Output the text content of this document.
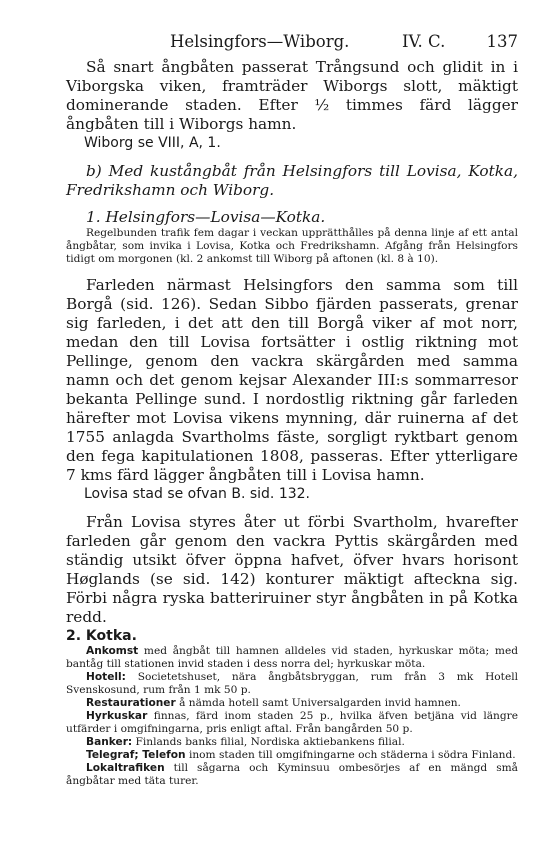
Helsingfors—Wiborg.	IV. C. 137

Så snart ångbåten passerat Trångsund och glidit in i Viborgska viken, framträder Wiborgs slott, mäktigt dominerande staden. Efter ½ timmes färd lägger ångbåten till i Wiborgs hamn.

Wiborg se VIII, A, 1.

b) Med kustångbåt från Helsingfors till Lovisa, Kotka, Fredrikshamn och Wiborg.

1. Helsingfors—Lovisa—Kotka.

Regelbunden trafik fem dagar i veckan upprätthålles på denna linje af ett antal ångbåtar, som invika i Lovisa, Kotka och Fredrikshamn. Afgång från Helsingfors tidigt om morgonen (kl. 2 ankomst till Wiborg på aftonen (kl. 8 à 10).

Farleden närmast Helsingfors den samma som till Borgå (sid. 126). Sedan Sibbo fjärden passerats, grenar sig farleden, i det att den till Borgå viker af mot norr, medan den till Lovisa fortsätter i ostlig riktning mot Pellinge, genom den vackra skärgården med samma namn och det genom kejsar Alexander III:s sommarresor bekanta Pellinge sund. I nordostlig riktning går farleden härefter mot Lovisa vikens mynning, där ruinerna af det 1755 anlagda Svartholms fäste, sorgligt ryktbart genom den fega kapitulationen 1808, passeras. Efter ytterligare 7 kms färd lägger ångbåten till i Lovisa hamn.

Lovisa stad se ofvan B. sid. 132.

Från Lovisa styres åter ut förbi Svartholm, hvarefter farleden går genom den vackra Pyttis skärgården med ständig utsikt öfver öppna hafvet, öfver hvars horisont Høglands (se sid. 142) konturer mäktigt afteckna sig. Förbi några ryska batteriruiner styr ångbåten in på Kotka redd.

2. Kotka.

Ankomst med ångbåt till hamnen alldeles vid staden, hyrkuskar möta; med bantåg till stationen invid staden i dess norra del; hyrkuskar möta.

Hotell: Societetshuset, nära ångbåtsbryggan, rum från 3 mk Hotell Svenskosund, rum från 1 mk 50 p.

Restaurationer å nämda hotell samt Universalgarden invid hamnen.

Hyrkuskar finnas, färd inom staden 25 p., hvilka äfven betjäna vid längre utfärder i omgifningarna, pris enligt aftal. Från bangården 50 p.

Banker: Finlands banks filial, Nordiska aktiebankens filial.

Telegraf; Telefon inom staden till omgifningarne och städerna i södra Finland.

Lokaltrafiken till sågarna och Kyminsuu ombesörjes af en mängd små ångbåtar med täta turer.
